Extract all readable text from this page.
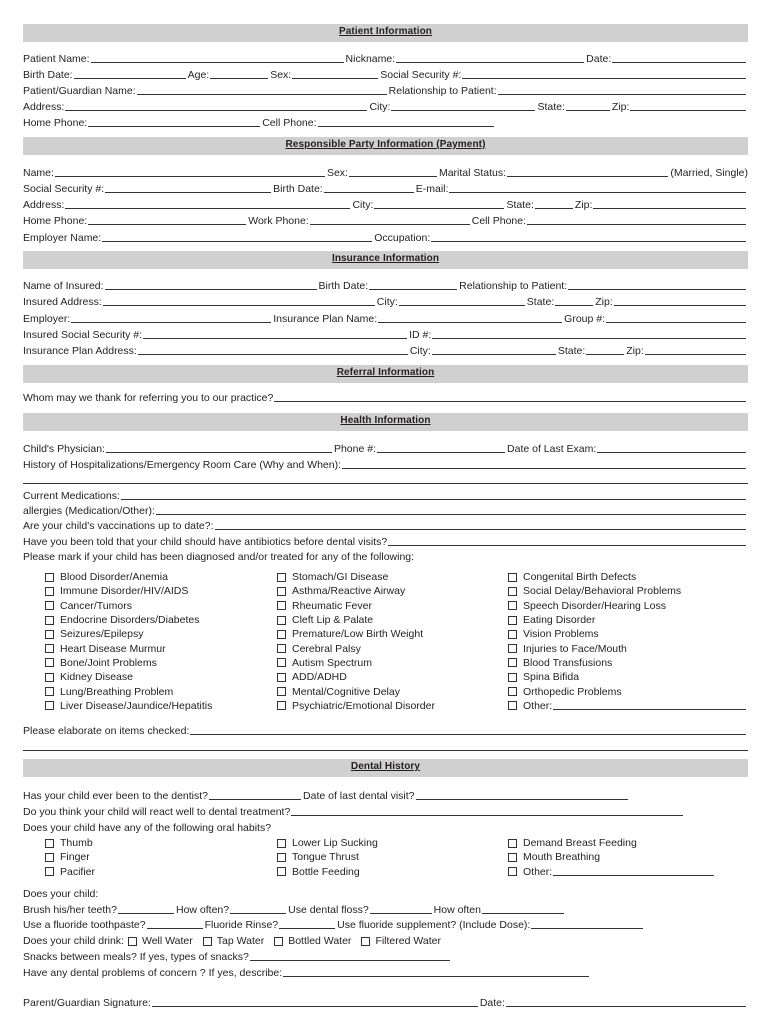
Patient Information
Patient Name:	Nickname:	Date:
Birth Date:	Age:	Sex:	Social Security #:
Patient/Guardian Name:	Relationship to Patient:
Address:	City:	State:	Zip:
Home Phone:	Cell Phone:
Responsible Party Information (Payment)
Name:	Sex:	Marital Status:	(Married, Single)
Social Security #:	Birth Date:	E-mail:
Address:	City:	State:	Zip:
Home Phone:	Work Phone:	Cell Phone:
Employer Name:	Occupation:
Insurance Information
Name of Insured:	Birth Date:	Relationship to Patient:
Insured Address:	City:	State:	Zip:
Employer:	Insurance Plan Name:	Group #:
Insured Social Security #:	ID #:
Insurance Plan Address:	City:	State:	Zip:
Referral Information
Whom may we thank for referring you to our practice?
Health Information
Child's Physician:	Phone #:	Date of Last Exam:
History of Hospitalizations/Emergency Room Care (Why and When):
Current Medications:
allergies (Medication/Other):
Are your child's vaccinations up to date?:
Have you been told that your child should have antibiotics before dental visits?
Please mark if your child has been diagnosed and/or treated for any of the following:
Blood Disorder/Anemia
Immune Disorder/HIV/AIDS
Cancer/Tumors
Endocrine Disorders/Diabetes
Seizures/Epilepsy
Heart Disease Murmur
Bone/Joint Problems
Kidney Disease
Lung/Breathing Problem
Liver Disease/Jaundice/Hepatitis
Stomach/GI Disease
Asthma/Reactive Airway
Rheumatic Fever
Cleft Lip & Palate
Premature/Low Birth Weight
Cerebral Palsy
Autism Spectrum
ADD/ADHD
Mental/Cognitive Delay
Psychiatric/Emotional Disorder
Congenital Birth Defects
Social Delay/Behavioral Problems
Speech Disorder/Hearing Loss
Eating Disorder
Vision Problems
Injuries to Face/Mouth
Blood Transfusions
Spina Bifida
Orthopedic Problems
Other:
Please elaborate on items checked:
Dental History
Has your child ever been to the dentist?	Date of last dental visit?
Do you think your child will react well to dental treatment?
Does your child have any of the following oral habits?
Thumb
Finger
Pacifier
Lower Lip Sucking
Tongue Thrust
Bottle Feeding
Demand Breast Feeding
Mouth Breathing
Other:
Does your child:
Brush his/her teeth?	How often?	Use dental floss?	How often
Use a fluoride toothpaste?	Fluoride Rinse?	Use fluoride supplement? (Include Dose):
Does your child drink: Well Water Tap Water Bottled Water Filtered Water
Snacks between meals? If yes, types of snacks?
Have any dental problems of concern ? If yes, describe:
Parent/Guardian Signature:	Date:
